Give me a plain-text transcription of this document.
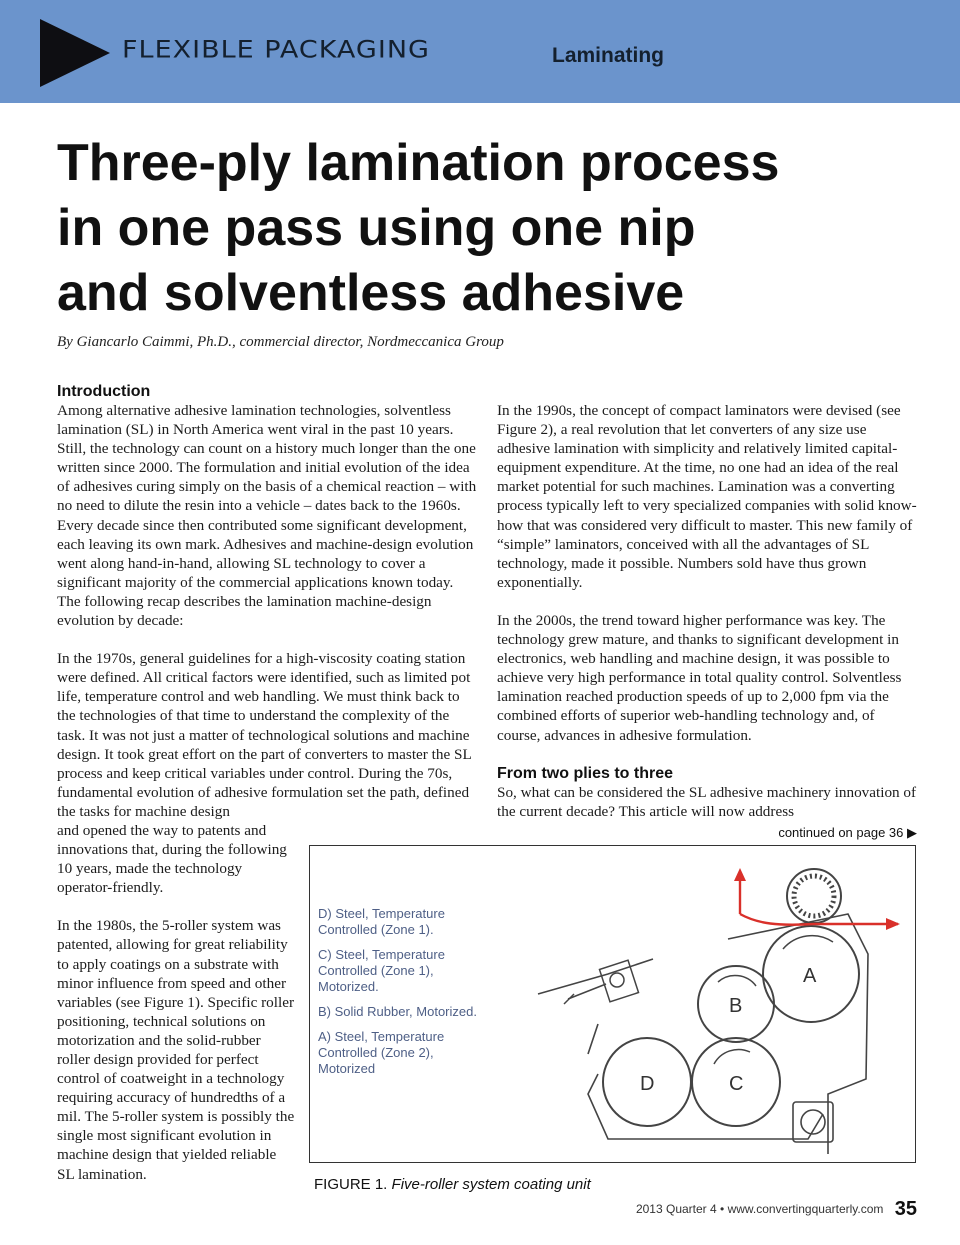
FLEXIBLE PACKAGING	Laminating
Three-ply lamination process
in one pass using one nip
and solventless adhesive
By Giancarlo Caimmi, Ph.D., commercial director, Nordmeccanica Group

Introduction

Among alternative adhesive lamination technologies, solventless lamination (SL) in North America went viral in the past 10 years. Still, the technology can count on a history much longer than the one written since 2000. The formulation and initial evolution of the idea of adhesives curing simply on the basis of a chemical reaction – with no need to dilute the resin into a vehicle – dates back to the 1960s. Every decade since then contributed some significant development, each leaving its own mark. Adhesives and machine-design evolution went along hand-in-hand, allowing SL technology to cover a significant majority of the commercial applications known today. The following recap describes the lamination machine-design evolution by decade:

In the 1970s, general guidelines for a high-viscosity coating station were defined. All critical factors were identified, such as limited pot life, temperature control and web handling. We must think back to the technologies of that time to understand the complexity of the task. It was not just a matter of technological solutions and machine design. It took great effort on the part of converters to master the SL process and keep critical variables under control. During the 70s, fundamental evolution of adhesive formulation set the path, defined the tasks for machine design

and opened the way to patents and innovations that, during the following 10 years, made the technology operator-friendly.

In the 1980s, the 5-roller system was patented, allowing for great reliability to apply coatings on a substrate with minor influence from speed and other variables (see Figure 1). Specific roller positioning, technical solutions on motorization and the solid-rubber roller design provided for perfect control of coatweight in a technology requiring accuracy of hundredths of a mil. The 5-roller system is possibly the single most significant evolution in machine design that yielded reliable SL lamination.

In the 1990s, the concept of compact laminators were devised (see Figure 2), a real revolution that let converters of any size use adhesive lamination with simplicity and relatively limited capital-equipment expenditure. At the time, no one had an idea of the real market potential for such machines. Lamination was a converting process typically left to very specialized companies with solid know-how that was considered very difficult to master. This new family of “simple” laminators, conceived with all the advantages of SL technology, made it possible. Numbers sold have thus grown exponentially.

In the 2000s, the trend toward higher performance was key. The technology grew mature, and thanks to significant development in electronics, web handling and machine design, it was possible to achieve very high performance in total quality control. Solventless lamination reached production speeds of up to 2,000 fpm via the combined efforts of superior web-handling technology and, of course, advances in adhesive formulation.

From two plies to three

So, what can be considered the SL adhesive machinery innovation of the current decade? This article will now address

continued on page 36 ▶

D) Steel, Temperature Controlled (Zone 1).

C) Steel, Temperature Controlled (Zone 1), Motorized.

B) Solid Rubber, Motorized.

A) Steel, Temperature Controlled (Zone 2), Motorized

A
B
C
D
FIGURE 1. Five-roller system coating unit
2013 Quarter 4 • www.convertingquarterly.com 35
